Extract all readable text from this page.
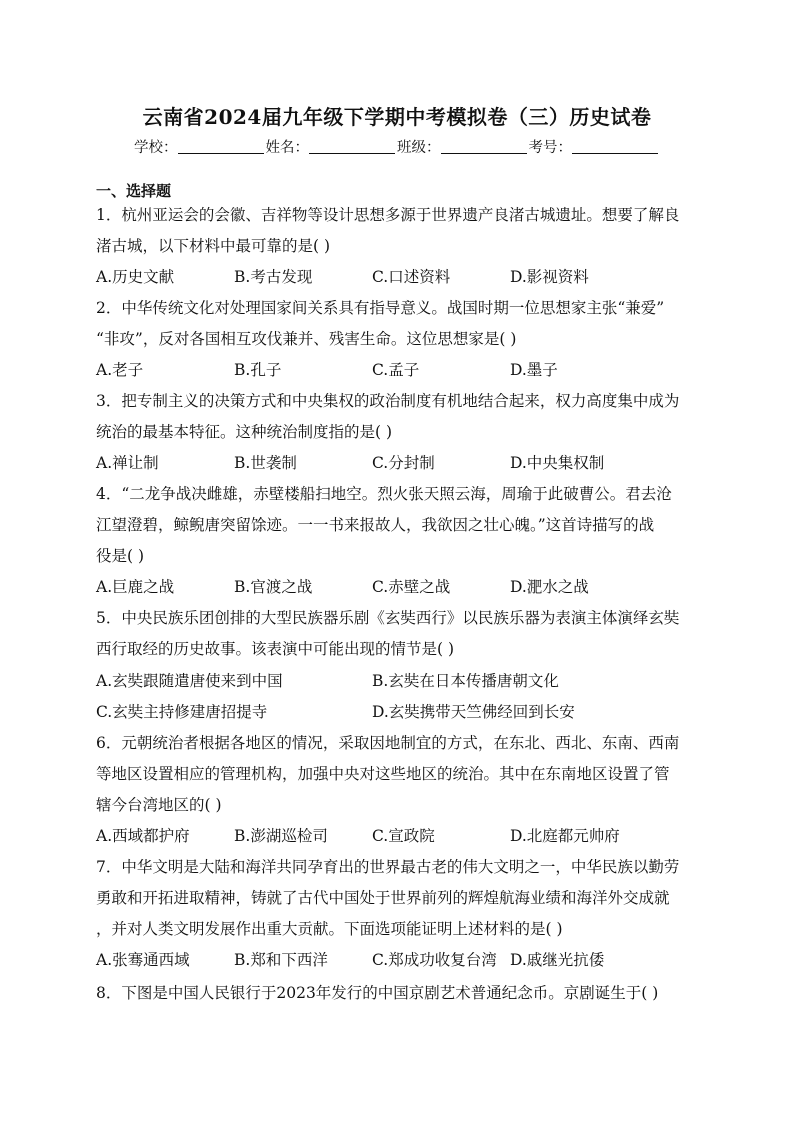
云南省2024届九年级下学期中考模拟卷（三）历史试卷
学校：	姓名：	班级：	考号：
一、选择题
1．杭州亚运会的会徽、吉祥物等设计思想多源于世界遗产良渚古城遗址。想要了解良
渚古城，以下材料中最可靠的是( )
A.历史文献	B.考古发现	C.口述资料	D.影视资料
2．中华传统文化对处理国家间关系具有指导意义。战国时期一位思想家主张“兼爱”
“非攻”，反对各国相互攻伐兼并、残害生命。这位思想家是( )
A.老子	B.孔子	C.孟子	D.墨子
3．把专制主义的决策方式和中央集权的政治制度有机地结合起来，权力高度集中成为
统治的最基本特征。这种统治制度指的是( )
A.禅让制	B.世袭制	C.分封制	D.中央集权制
4．“二龙争战决雌雄，赤壁楼船扫地空。烈火张天照云海，周瑜于此破曹公。君去沧
江望澄碧，鲸鲵唐突留馀迹。一一书来报故人，我欲因之壮心魄。”这首诗描写的战
役是( )
A.巨鹿之战	B.官渡之战	C.赤壁之战	D.淝水之战
5．中央民族乐团创排的大型民族器乐剧《玄奘西行》以民族乐器为表演主体演绎玄奘
西行取经的历史故事。该表演中可能出现的情节是( )
A.玄奘跟随遣唐使来到中国	B.玄奘在日本传播唐朝文化
C.玄奘主持修建唐招提寺	D.玄奘携带天竺佛经回到长安
6．元朝统治者根据各地区的情况，采取因地制宜的方式，在东北、西北、东南、西南
等地区设置相应的管理机构，加强中央对这些地区的统治。其中在东南地区设置了管
辖今台湾地区的( )
A.西域都护府	B.澎湖巡检司	C.宣政院	D.北庭都元帅府
7．中华文明是大陆和海洋共同孕育出的世界最古老的伟大文明之一，中华民族以勤劳
勇敢和开拓进取精神，铸就了古代中国处于世界前列的辉煌航海业绩和海洋外交成就
，并对人类文明发展作出重大贡献。下面选项能证明上述材料的是( )
A.张骞通西域	B.郑和下西洋	C.郑成功收复台湾 D.戚继光抗倭
8．下图是中国人民银行于2023年发行的中国京剧艺术普通纪念币。京剧诞生于( )
